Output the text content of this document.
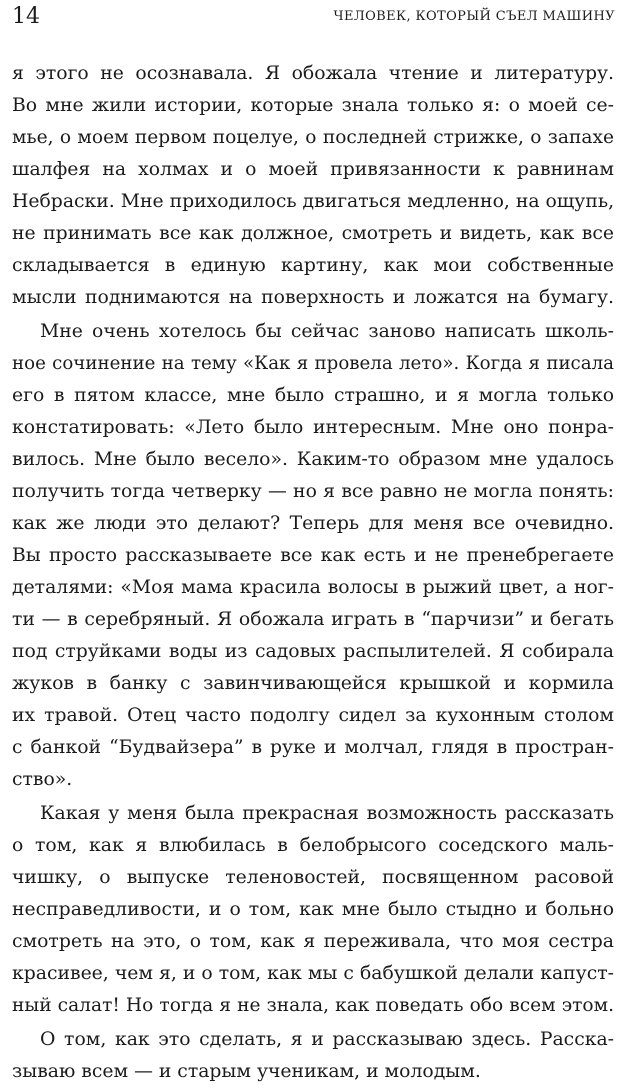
14	ЧЕЛОВЕК, КОТОРЫЙ СЪЕЛ МАШИНУ
я этого не осознавала. Я обожала чтение и литературу.
Во мне жили истории, которые знала только я: о моей се-
мье, о моем первом поцелуе, о последней стрижке, о запахе
шалфея на холмах и о моей привязанности к равнинам
Небраски. Мне приходилось двигаться медленно, на ощупь,
не принимать все как должное, смотреть и видеть, как все
складывается в единую картину, как мои собственные
мысли поднимаются на поверхность и ложатся на бумагу.
Мне очень хотелось бы сейчас заново написать школь-
ное сочинение на тему «Как я провела лето». Когда я писала
его в пятом классе, мне было страшно, и я могла только
констатировать: «Лето было интересным. Мне оно понра-
вилось. Мне было весело». Каким-то образом мне удалось
получить тогда четверку — но я все равно не могла понять:
как же люди это делают? Теперь для меня все очевидно.
Вы просто рассказываете все как есть и не пренебрегаете
деталями: «Моя мама красила волосы в рыжий цвет, а ног-
ти — в серебряный. Я обожала играть в “парчизи” и бегать
под струйками воды из садовых распылителей. Я собирала
жуков в банку с завинчивающейся крышкой и кормила
их травой. Отец часто подолгу сидел за кухонным столом
с банкой “Будвайзера” в руке и молчал, глядя в простран-
ство».
Какая у меня была прекрасная возможность рассказать
о том, как я влюбилась в белобрысого соседского маль-
чишку, о выпуске теленовостей, посвященном расовой
несправедливости, и о том, как мне было стыдно и больно
смотреть на это, о том, как я переживала, что моя сестра
красивее, чем я, и о том, как мы с бабушкой делали капуст-
ный салат! Но тогда я не знала, как поведать обо всем этом.
О том, как это сделать, я и рассказываю здесь. Расска-
зываю всем — и старым ученикам, и молодым.
